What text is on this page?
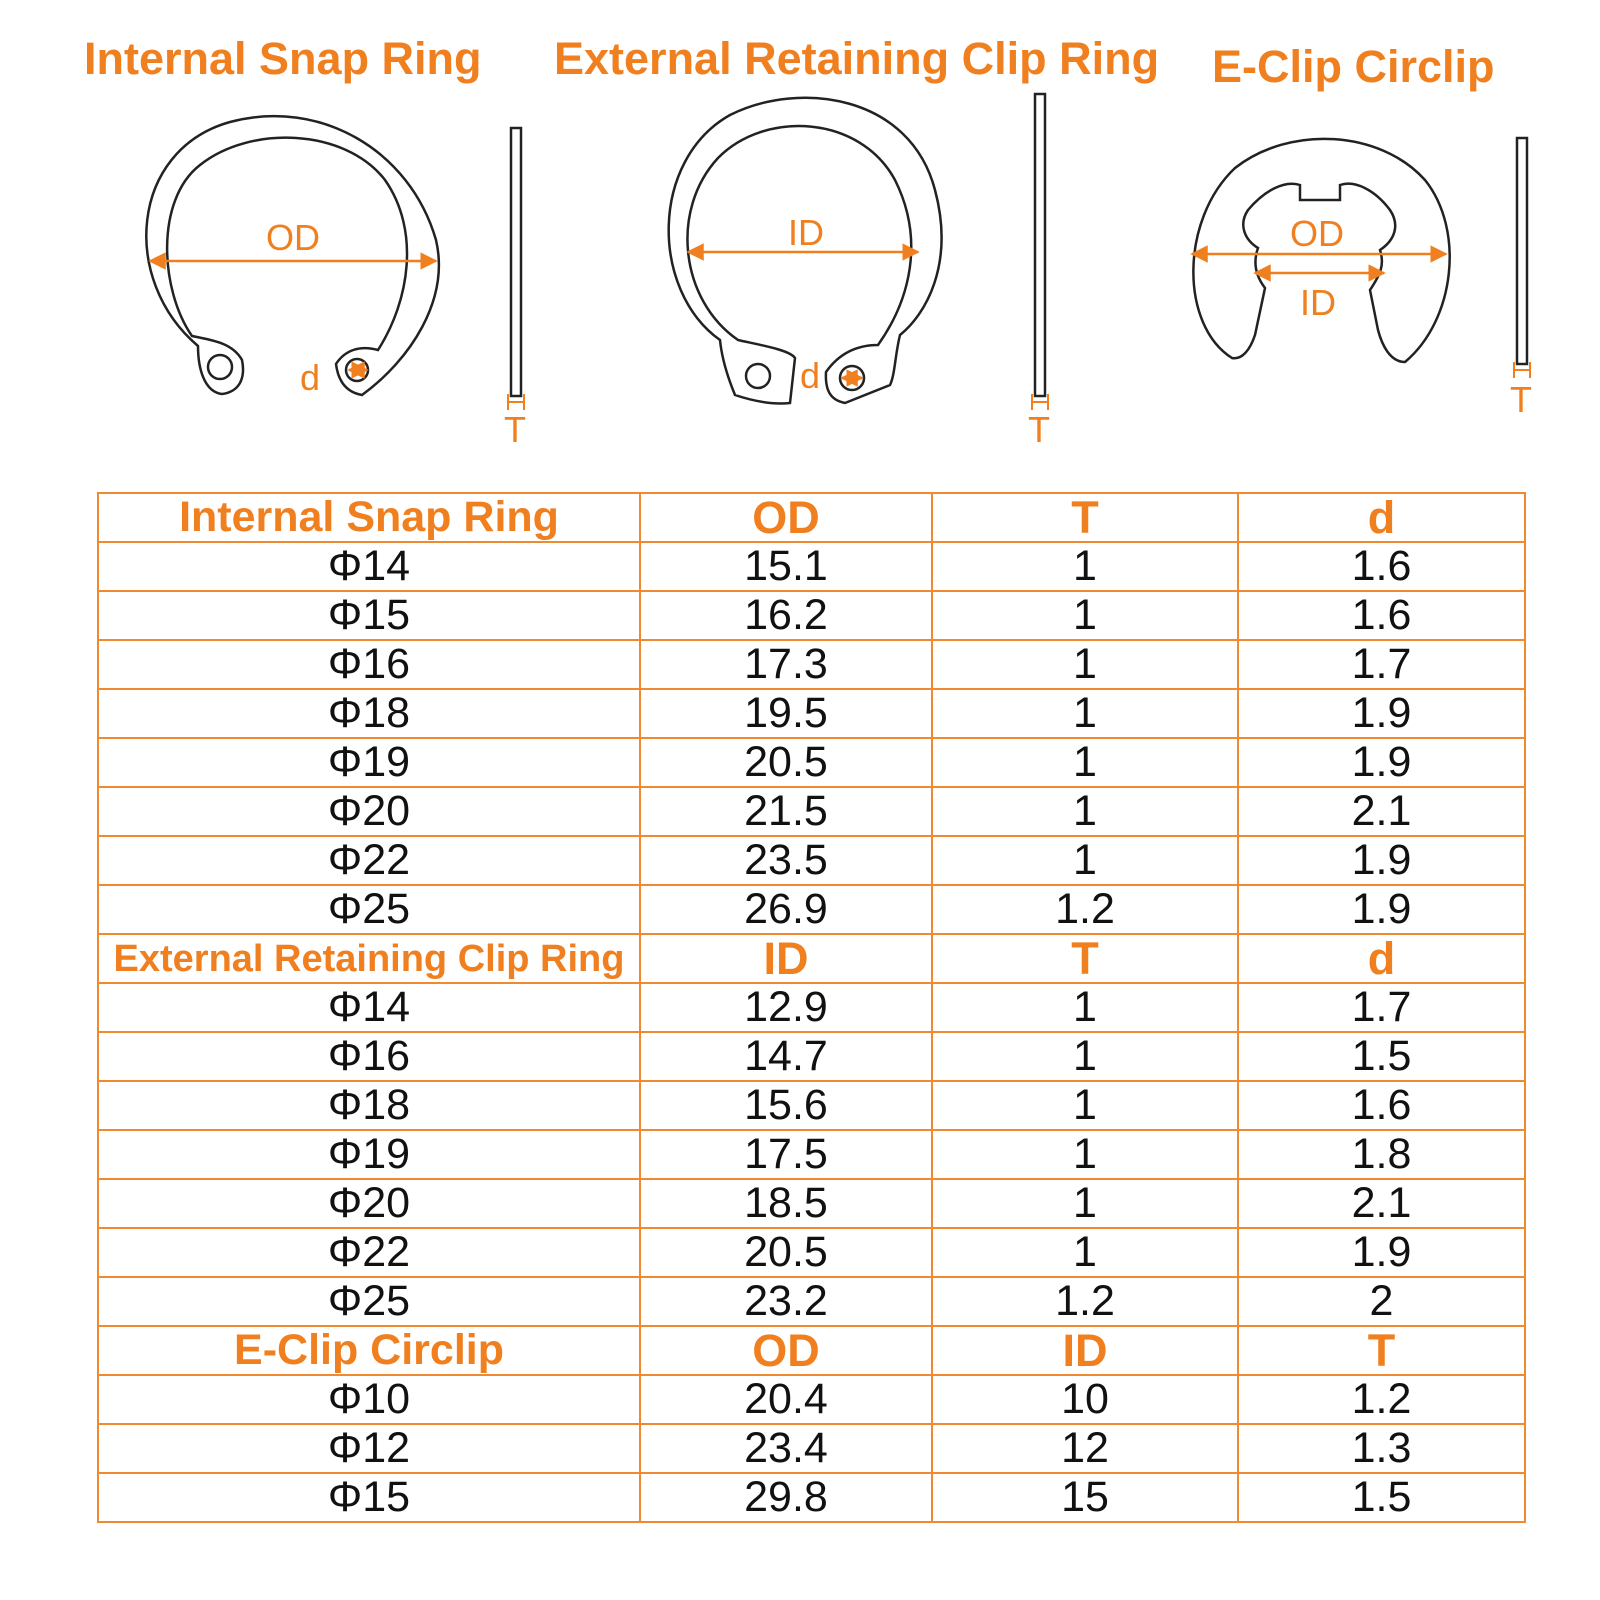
Internal Snap Ring External Retaining Clip Ring E-Clip Circlip
OD
d
T
ID
d
T
OD
ID
T
Internal Snap Ring	OD	T	d
Φ14	15.1	1	1.6
Φ15	16.2	1	1.6
Φ16	17.3	1	1.7
Φ18	19.5	1	1.9
Φ19	20.5	1	1.9
Φ20	21.5	1	2.1
Φ22	23.5	1	1.9
Φ25	26.9	1.2	1.9
External Retaining Clip Ring	ID	T	d
Φ14	12.9	1	1.7
Φ16	14.7	1	1.5
Φ18	15.6	1	1.6
Φ19	17.5	1	1.8
Φ20	18.5	1	2.1
Φ22	20.5	1	1.9
Φ25	23.2	1.2	2
E-Clip Circlip	OD	ID	T
Φ10	20.4	10	1.2
Φ12	23.4	12	1.3
Φ15	29.8	15	1.5
